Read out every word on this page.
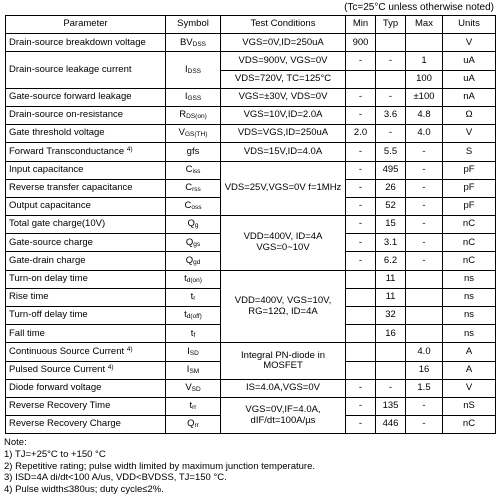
(Tc=25°C unless otherwise noted)
Parameter	Symbol	Test Conditions	Min	Typ	Max	Units
Drain-source breakdown voltage	$BV_{DSS}$	VGS=0V,ID=250uA	900			V
Drain-source leakage current	$I_{DSS}$	VDS=900V, VGS=0V	-	-	1	uA
		VDS=720V, TC=125°C			100	uA
Gate-source forward leakage	$I_{GSS}$	VGS=±30V, VDS=0V	-	-	±100	nA
Drain-source on-resistance	$R_{DS(on)}$	VGS=10V,ID=2.0A	-	3.6	4.8	Ω
Gate threshold voltage	$V_{GS(TH)}$	VDS=VGS,ID=250uA	2.0	-	4.0	V
Forward Transconductance $^{4)}$	gfs	VDS=15V,ID=4.0A	-	5.5	-	S
Input capacitance	$C_{iss}$	VDS=25V,VGS=0V f=1MHz	-	495	-	pF
Reverse transfer capacitance	$C_{rss}$		-	26	-	pF
Output capacitance	$C_{oss}$		-	52	-	pF
Total gate charge(10V)	$Q_g$	VDD=400V, ID=4A VGS=0~10V	-	15	-	nC
Gate-source charge	$Q_{gs}$		-	3.1	-	nC
Gate-drain charge	$Q_{gd}$		-	6.2	-	nC
Turn-on delay time	$t_{d(on)}$	VDD=400V, VGS=10V, RG=12Ω, ID=4A		11		ns
Rise time	$t_r$			11		ns
Turn-off delay time	$t_{d(off)}$			32		ns
Fall time	$t_f$			16		ns
Continuous Source Current $^{4)}$	$I_{SD}$	Integral PN-diode in MOSFET			4.0	A
Pulsed Source Current $^{4)}$	$I_{SM}$				16	A
Diode forward voltage	$V_{SD}$	IS=4.0A,VGS=0V	-	-	1.5	V
Reverse Recovery Time	$t_{rr}$	VGS=0V,IF=4.0A, dIF/dt=100A/µs	-	135	-	nS
Reverse Recovery Charge	$Q_{rr}$		-	446	-	nC
Note:
1) TJ=+25°C to +150 °C
2) Repetitive rating; pulse width limited by maximum junction temperature.
3) ISD=4A di/dt<100 A/us, VDD<BVDSS, TJ=150 °C.
4) Pulse width≤380us; duty cycle≤2%.
